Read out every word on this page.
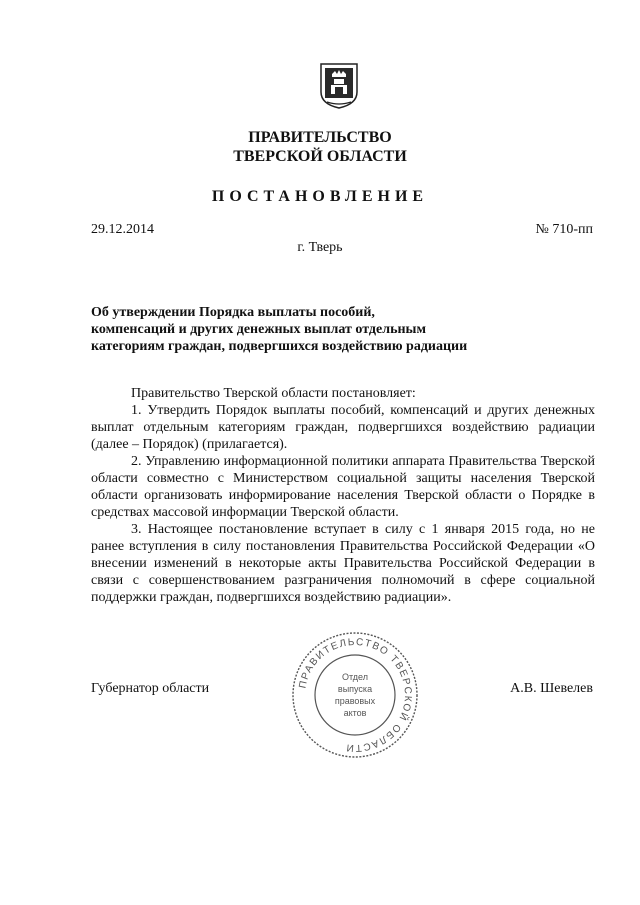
ПРАВИТЕЛЬСТВО
ТВЕРСКОЙ ОБЛАСТИ
ПОСТАНОВЛЕНИЕ
29.12.2014	№ 710-пп
г. Тверь
Об утверждении Порядка выплаты пособий,
компенсаций и других денежных выплат отдельным
категориям граждан, подвергшихся воздействию радиации

Правительство Тверской области постановляет:

1. Утвердить Порядок выплаты пособий, компенсаций и других денежных выплат отдельным категориям граждан, подвергшихся воздействию радиации (далее – Порядок) (прилагается).

2. Управлению информационной политики аппарата Правительства Тверской области совместно с Министерством социальной защиты населения Тверской области организовать информирование населения Тверской области о Порядке в средствах массовой информации Тверской области.

3. Настоящее постановление вступает в силу с 1 января 2015 года, но не ранее вступления в силу постановления Правительства Российской Федерации «О внесении изменений в некоторые акты Правительства Российской Федерации в связи с совершенствованием разграничения полномочий в сфере социальной поддержки граждан, подвергшихся воздействию радиации».

Губернатор области	А.В. Шевелев
ПРАВИТЕЛЬСТВО ТВЕРСКОЙ ОБЛАСТИ
Отдел
выпуска
правовых
актов
